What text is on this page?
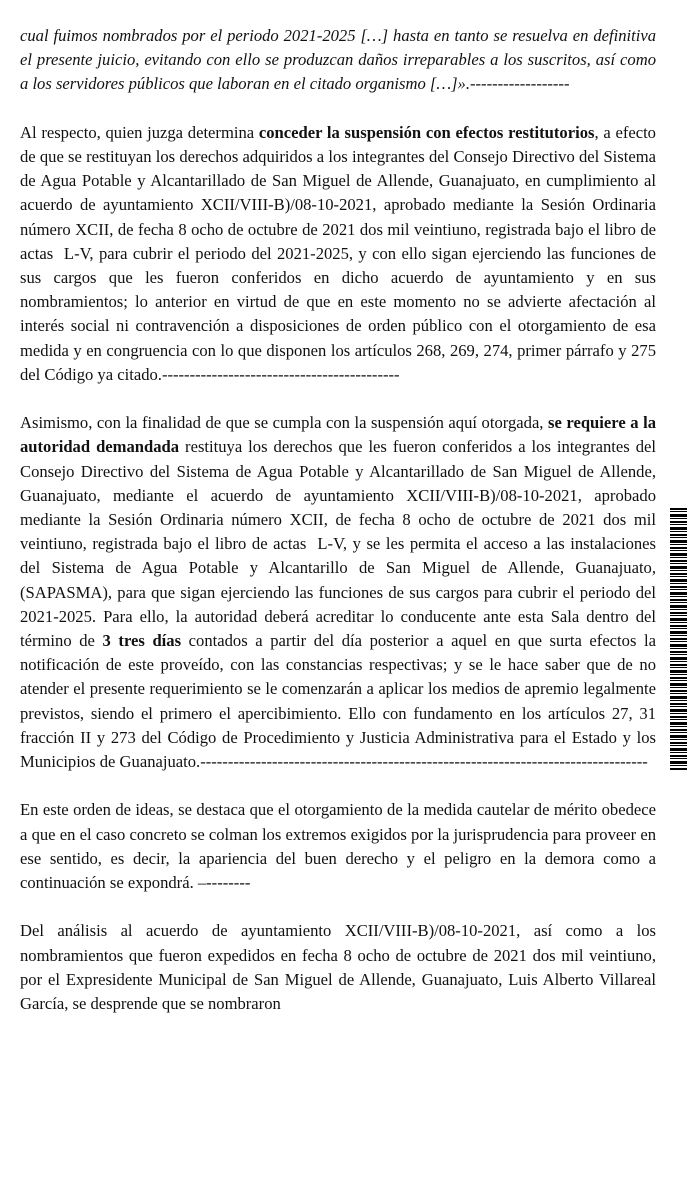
cual fuimos nombrados por el periodo 2021-2025 […] hasta en tanto se resuelva en definitiva el presente juicio, evitando con ello se produzcan daños irreparables a los suscritos, así como a los servidores públicos que laboran en el citado organismo […]».------------------

Al respecto, quien juzga determina conceder la suspensión con efectos restitutorios, a efecto de que se restituyan los derechos adquiridos a los integrantes del Consejo Directivo del Sistema de Agua Potable y Alcantarillado de San Miguel de Allende, Guanajuato, en cumplimiento al acuerdo de ayuntamiento XCII/VIII-B)/08-10-2021, aprobado mediante la Sesión Ordinaria número XCII, de fecha 8 ocho de octubre de 2021 dos mil veintiuno, registrada bajo el libro de actas  L-V, para cubrir el periodo del 2021-2025, y con ello sigan ejerciendo las funciones de sus cargos que les fueron conferidos en dicho acuerdo de ayuntamiento y en sus nombramientos; lo anterior en virtud de que en este momento no se advierte afectación al interés social ni contravención a disposiciones de orden público con el otorgamiento de esa medida y en congruencia con lo que disponen los artículos 268, 269, 274, primer párrafo y 275 del Código ya citado.-------------------------------------------

Asimismo, con la finalidad de que se cumpla con la suspensión aquí otorgada, se requiere a la autoridad demandada restituya los derechos que les fueron conferidos a los integrantes del Consejo Directivo del Sistema de Agua Potable y Alcantarillado de San Miguel de Allende, Guanajuato, mediante el acuerdo de ayuntamiento XCII/VIII-B)/08-10-2021, aprobado mediante la Sesión Ordinaria número XCII, de fecha 8 ocho de octubre de 2021 dos mil veintiuno, registrada bajo el libro de actas  L-V, y se les permita el acceso a las instalaciones del Sistema de Agua Potable y Alcantarillo de San Miguel de Allende, Guanajuato, (SAPASMA), para que sigan ejerciendo las funciones de sus cargos para cubrir el periodo del 2021-2025. Para ello, la autoridad deberá acreditar lo conducente ante esta Sala dentro del término de 3 tres días contados a partir del día posterior a aquel en que surta efectos la notificación de este proveído, con las constancias respectivas; y se le hace saber que de no atender el presente requerimiento se le comenzarán a aplicar los medios de apremio legalmente previstos, siendo el primero el apercibimiento. Ello con fundamento en los artículos 27, 31 fracción II y 273 del Código de Procedimiento y Justicia Administrativa para el Estado y los Municipios de Guanajuato.---------------------------------------------------------------------------------

En este orden de ideas, se destaca que el otorgamiento de la medida cautelar de mérito obedece a que en el caso concreto se colman los extremos exigidos por la jurisprudencia para proveer en ese sentido, es decir, la apariencia del buen derecho y el peligro en la demora como a continuación se expondrá. –--------

Del análisis al acuerdo de ayuntamiento XCII/VIII-B)/08-10-2021, así como a los nombramientos que fueron expedidos en fecha 8 ocho de octubre de 2021 dos mil veintiuno, por el Expresidente Municipal de San Miguel de Allende, Guanajuato, Luis Alberto Villareal García, se desprende que se nombraron
